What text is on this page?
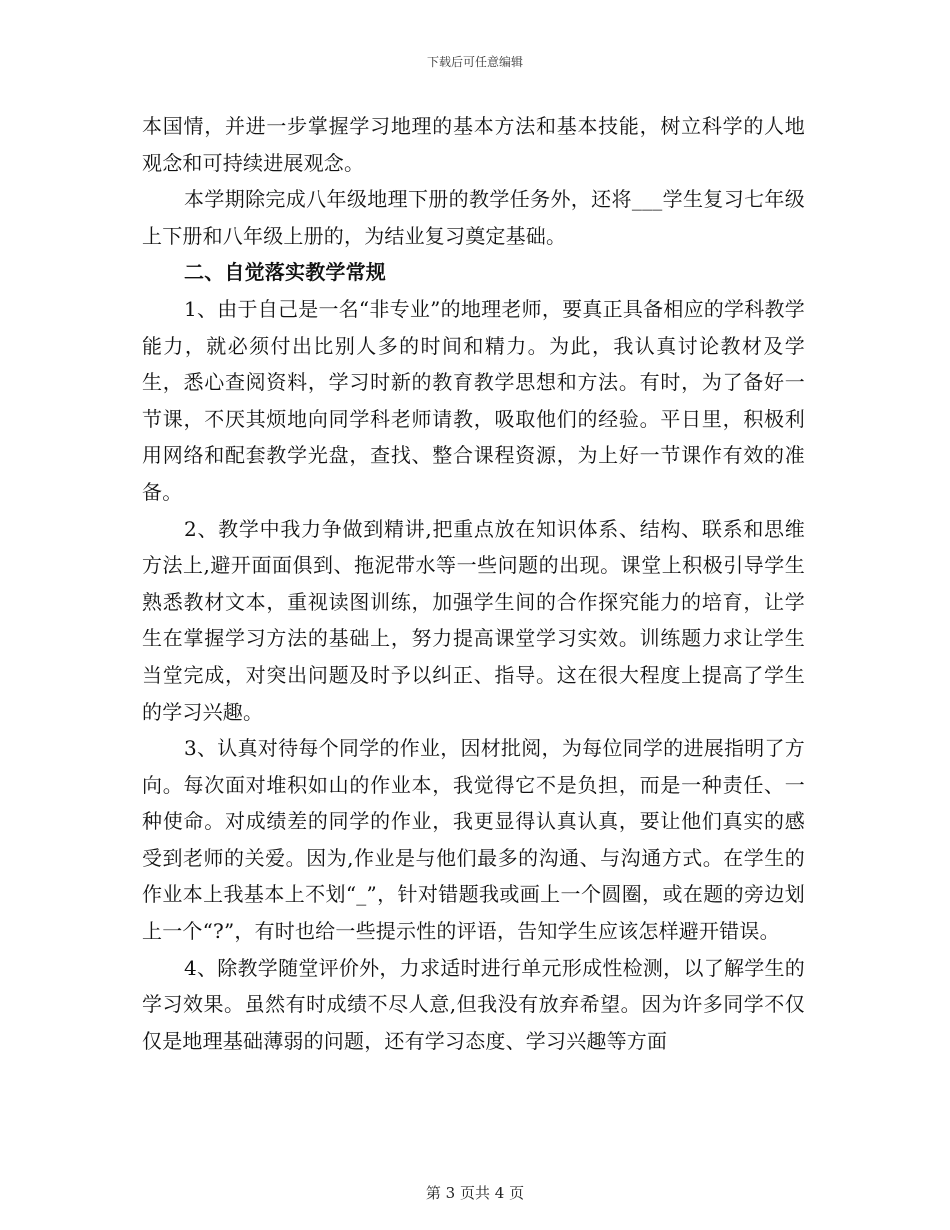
下载后可任意编辑

本国情，并进一步掌握学习地理的基本方法和基本技能，树立科学的人地观念和可持续进展观念。

本学期除完成八年级地理下册的教学任务外，还将___学生复习七年级上下册和八年级上册的，为结业复习奠定基础。

二、自觉落实教学常规

1、由于自己是一名“非专业”的地理老师，要真正具备相应的学科教学能力，就必须付出比别人多的时间和精力。为此，我认真讨论教材及学生，悉心查阅资料，学习时新的教育教学思想和方法。有时，为了备好一节课，不厌其烦地向同学科老师请教，吸取他们的经验。平日里，积极利用网络和配套教学光盘，查找、整合课程资源，为上好一节课作有效的准备。

2、教学中我力争做到精讲,把重点放在知识体系、结构、联系和思维方法上,避开面面俱到、拖泥带水等一些问题的出现。课堂上积极引导学生熟悉教材文本，重视读图训练，加强学生间的合作探究能力的培育，让学生在掌握学习方法的基础上，努力提高课堂学习实效。训练题力求让学生当堂完成，对突出问题及时予以纠正、指导。这在很大程度上提高了学生的学习兴趣。

3、认真对待每个同学的作业，因材批阅，为每位同学的进展指明了方向。每次面对堆积如山的作业本，我觉得它不是负担，而是一种责任、一种使命。对成绩差的同学的作业，我更显得认真认真，要让他们真实的感受到老师的关爱。因为,作业是与他们最多的沟通、与沟通方式。在学生的作业本上我基本上不划“_”，针对错题我或画上一个圆圈，或在题的旁边划上一个“?”，有时也给一些提示性的评语，告知学生应该怎样避开错误。

4、除教学随堂评价外，力求适时进行单元形成性检测，以了解学生的学习效果。虽然有时成绩不尽人意,但我没有放弃希望。因为许多同学不仅仅是地理基础薄弱的问题，还有学习态度、学习兴趣等方面

第 3 页共 4 页
